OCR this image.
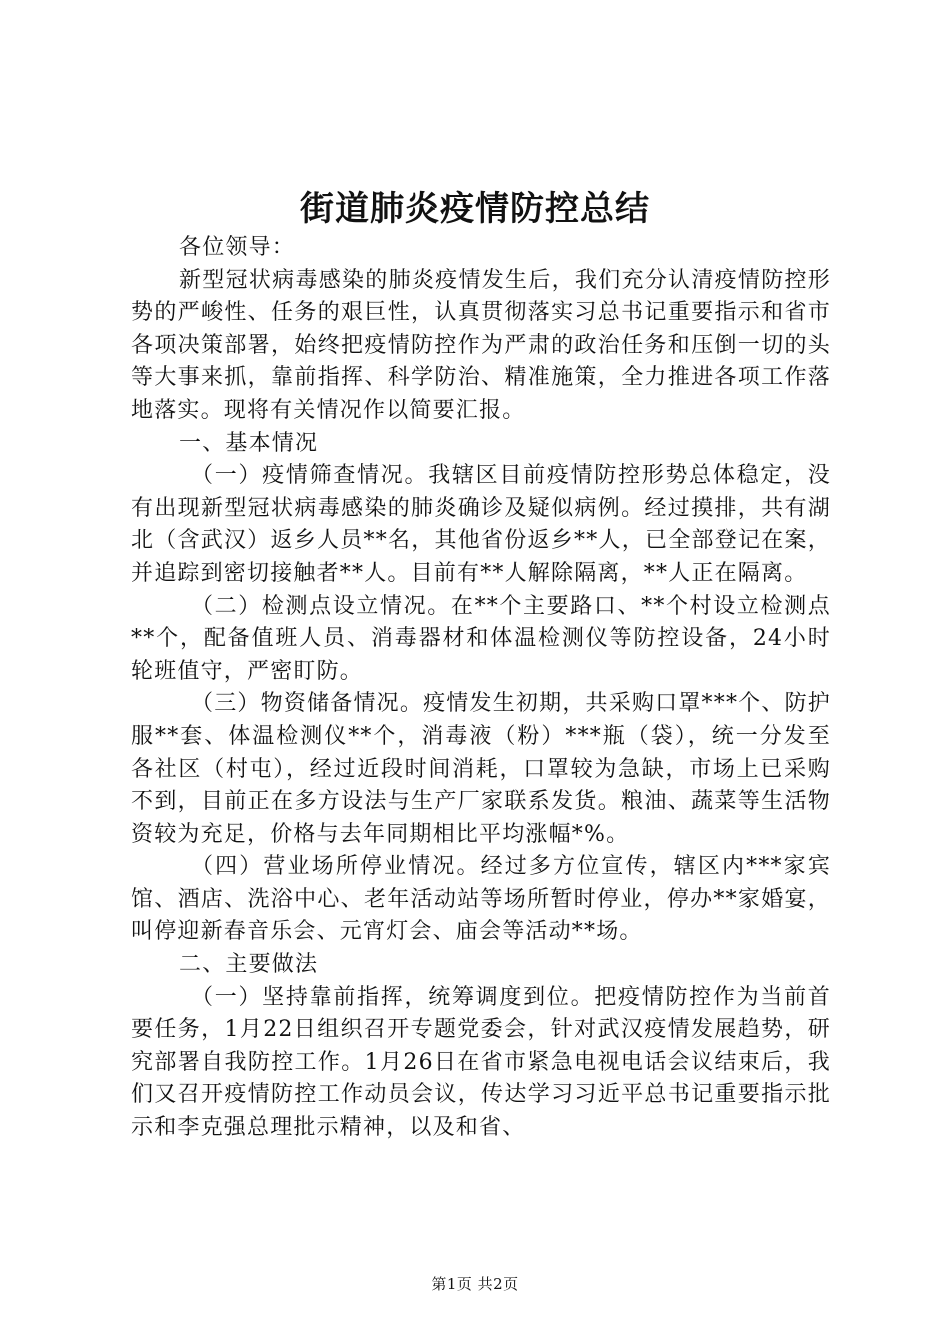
街道肺炎疫情防控总结

各位领导：

新型冠状病毒感染的肺炎疫情发生后，我们充分认清疫情防控形势的严峻性、任务的艰巨性，认真贯彻落实习总书记重要指示和省市各项决策部署，始终把疫情防控作为严肃的政治任务和压倒一切的头等大事来抓，靠前指挥、科学防治、精准施策，全力推进各项工作落地落实。现将有关情况作以简要汇报。

一、基本情况

（一）疫情筛查情况。我辖区目前疫情防控形势总体稳定，没有出现新型冠状病毒感染的肺炎确诊及疑似病例。经过摸排，共有湖北（含武汉）返乡人员**名，其他省份返乡**人，已全部登记在案，并追踪到密切接触者**人。目前有**人解除隔离，**人正在隔离。

（二）检测点设立情况。在**个主要路口、**个村设立检测点**个，配备值班人员、消毒器材和体温检测仪等防控设备，24小时轮班值守，严密盯防。

（三）物资储备情况。疫情发生初期，共采购口罩***个、防护服**套、体温检测仪**个，消毒液（粉）***瓶（袋），统一分发至各社区（村屯），经过近段时间消耗，口罩较为急缺，市场上已采购不到，目前正在多方设法与生产厂家联系发货。粮油、蔬菜等生活物资较为充足，价格与去年同期相比平均涨幅*%。

（四）营业场所停业情况。经过多方位宣传，辖区内***家宾馆、酒店、洗浴中心、老年活动站等场所暂时停业，停办**家婚宴，叫停迎新春音乐会、元宵灯会、庙会等活动**场。

二、主要做法

（一）坚持靠前指挥，统筹调度到位。把疫情防控作为当前首要任务，1月22日组织召开专题党委会，针对武汉疫情发展趋势，研究部署自我防控工作。1月26日在省市紧急电视电话会议结束后，我们又召开疫情防控工作动员会议，传达学习习近平总书记重要指示批示和李克强总理批示精神，以及和省、

第1页 共2页
